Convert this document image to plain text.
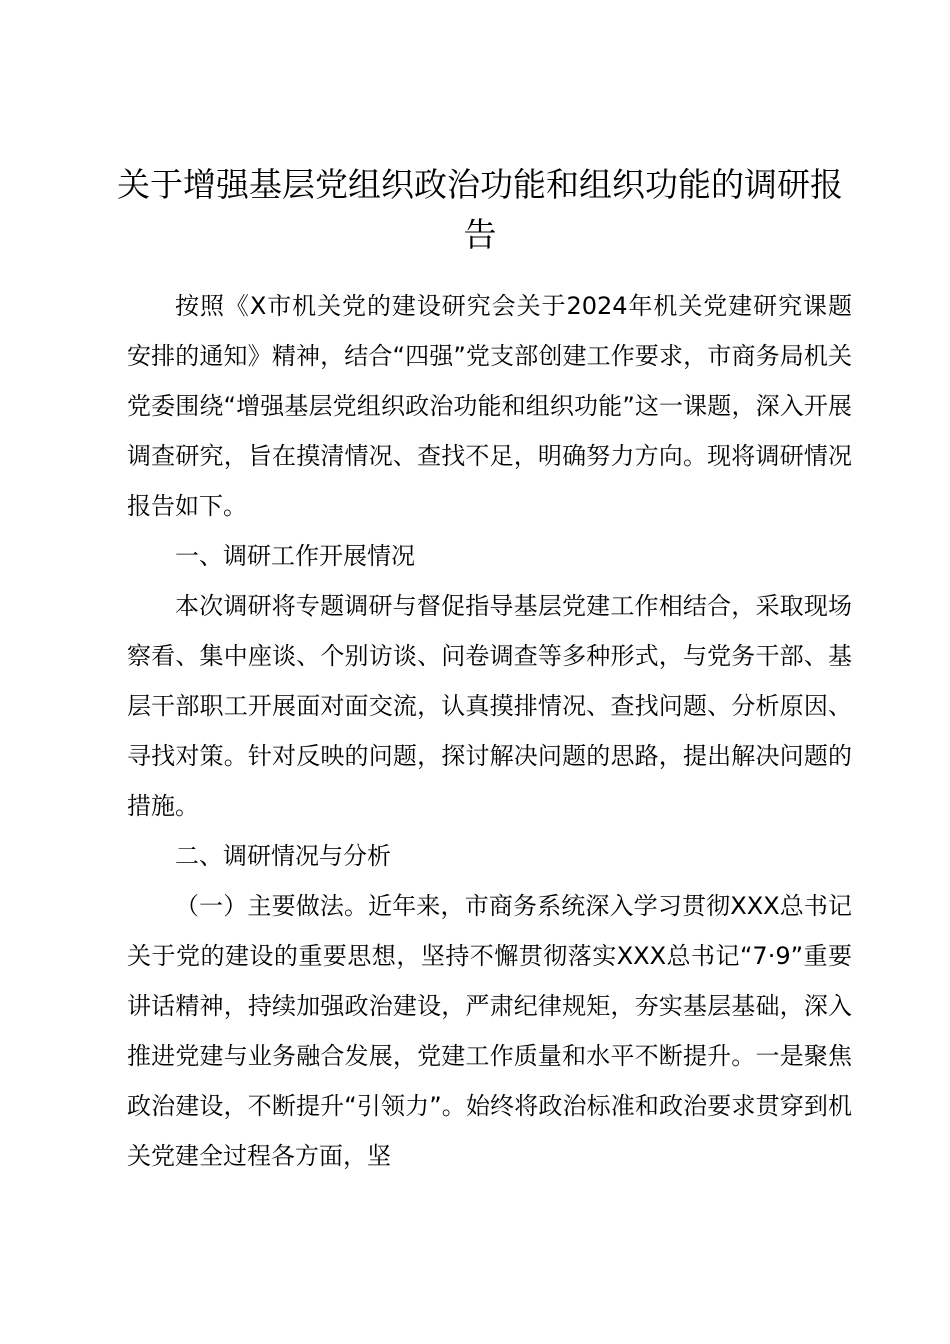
关于增强基层党组织政治功能和组织功能的调研报告

按照《X市机关党的建设研究会关于2024年机关党建研究课题安排的通知》精神，结合“四强”党支部创建工作要求，市商务局机关党委围绕“增强基层党组织政治功能和组织功能”这一课题，深入开展调查研究，旨在摸清情况、查找不足，明确努力方向。现将调研情况报告如下。

一、调研工作开展情况

本次调研将专题调研与督促指导基层党建工作相结合，采取现场察看、集中座谈、个别访谈、问卷调查等多种形式，与党务干部、基层干部职工开展面对面交流，认真摸排情况、查找问题、分析原因、寻找对策。针对反映的问题，探讨解决问题的思路，提出解决问题的措施。

二、调研情况与分析

（一）主要做法。近年来，市商务系统深入学习贯彻XXX总书记关于党的建设的重要思想，坚持不懈贯彻落实XXX总书记“7·9”重要讲话精神，持续加强政治建设，严肃纪律规矩，夯实基层基础，深入推进党建与业务融合发展，党建工作质量和水平不断提升。一是聚焦政治建设，不断提升“引领力”。始终将政治标准和政治要求贯穿到机关党建全过程各方面，坚
